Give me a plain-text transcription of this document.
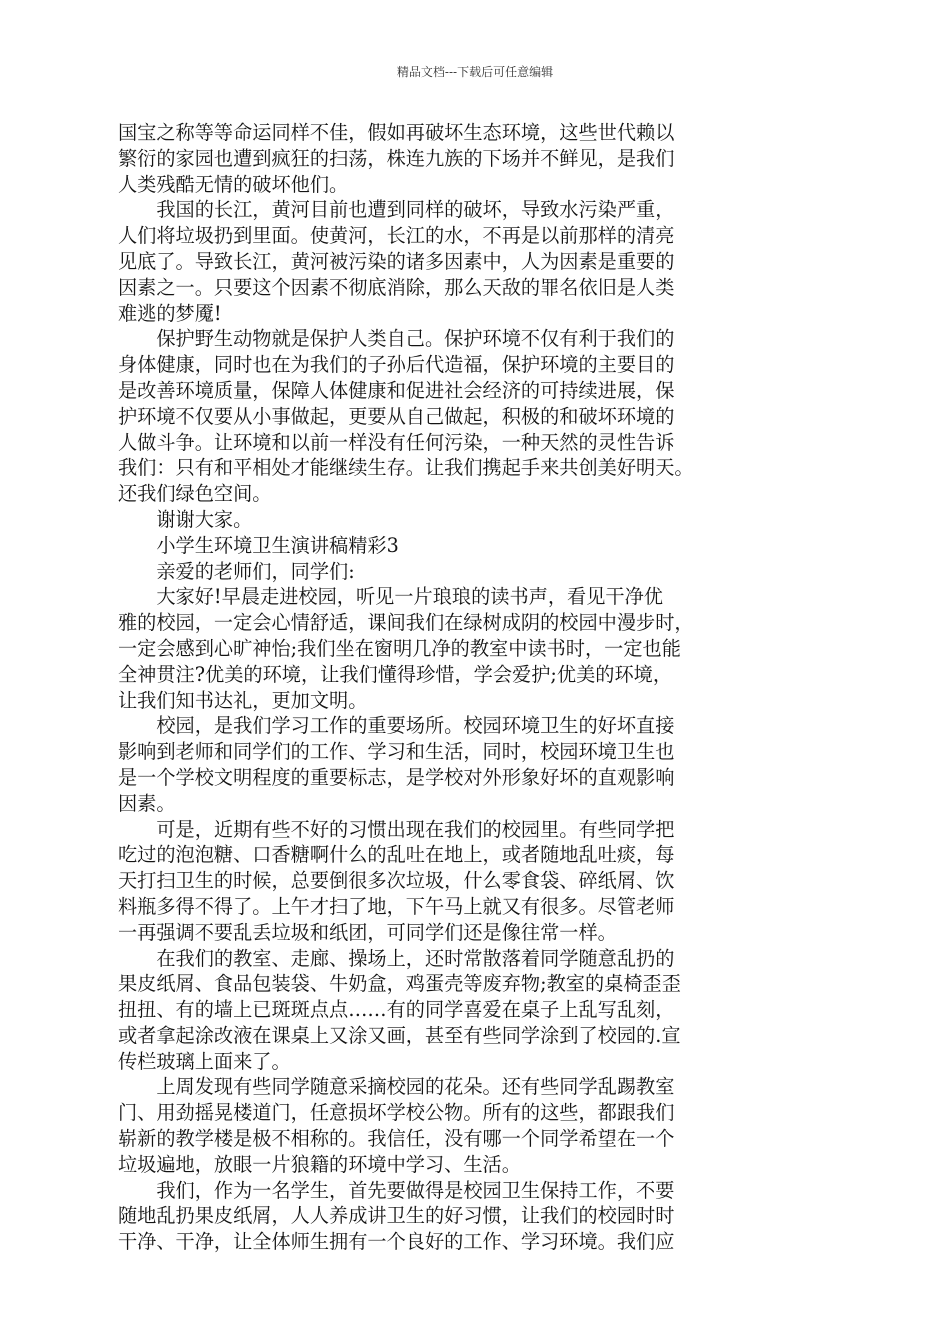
精品文档---下载后可任意编辑
国宝之称等等命运同样不佳，假如再破坏生态环境，这些世代赖以
繁衍的家园也遭到疯狂的扫荡，株连九族的下场并不鲜见，是我们
人类残酷无情的破坏他们。
　　我国的长江，黄河目前也遭到同样的破坏，导致水污染严重，
人们将垃圾扔到里面。使黄河，长江的水，不再是以前那样的清亮
见底了。导致长江，黄河被污染的诸多因素中，人为因素是重要的
因素之一。只要这个因素不彻底消除，那么天敌的罪名依旧是人类
难逃的梦魇!
　　保护野生动物就是保护人类自己。保护环境不仅有利于我们的
身体健康，同时也在为我们的子孙后代造福，保护环境的主要目的
是改善环境质量，保障人体健康和促进社会经济的可持续进展，保
护环境不仅要从小事做起，更要从自己做起，积极的和破坏环境的
人做斗争。让环境和以前一样没有任何污染，一种天然的灵性告诉
我们：只有和平相处才能继续生存。让我们携起手来共创美好明天。
还我们绿色空间。
　　谢谢大家。
　　小学生环境卫生演讲稿精彩3
　　亲爱的老师们，同学们:
　　大家好!早晨走进校园，听见一片琅琅的读书声，看见干净优
雅的校园，一定会心情舒适，课间我们在绿树成阴的校园中漫步时，
一定会感到心旷神怡;我们坐在窗明几净的教室中读书时，一定也能
全神贯注?优美的环境，让我们懂得珍惜，学会爱护;优美的环境，
让我们知书达礼，更加文明。
　　校园，是我们学习工作的重要场所。校园环境卫生的好坏直接
影响到老师和同学们的工作、学习和生活，同时，校园环境卫生也
是一个学校文明程度的重要标志，是学校对外形象好坏的直观影响
因素。
　　可是，近期有些不好的习惯出现在我们的校园里。有些同学把
吃过的泡泡糖、口香糖啊什么的乱吐在地上，或者随地乱吐痰，每
天打扫卫生的时候，总要倒很多次垃圾，什么零食袋、碎纸屑、饮
料瓶多得不得了。上午才扫了地，下午马上就又有很多。尽管老师
一再强调不要乱丢垃圾和纸团，可同学们还是像往常一样。
　　在我们的教室、走廊、操场上，还时常散落着同学随意乱扔的
果皮纸屑、食品包装袋、牛奶盒，鸡蛋壳等废弃物;教室的桌椅歪歪
扭扭、有的墙上已斑斑点点……有的同学喜爱在桌子上乱写乱刻，
或者拿起涂改液在课桌上又涂又画，甚至有些同学涂到了校园的.宣
传栏玻璃上面来了。
　　上周发现有些同学随意采摘校园的花朵。还有些同学乱踢教室
门、用劲摇晃楼道门，任意损坏学校公物。所有的这些，都跟我们
崭新的教学楼是极不相称的。我信任，没有哪一个同学希望在一个
垃圾遍地，放眼一片狼籍的环境中学习、生活。
　　我们，作为一名学生，首先要做得是校园卫生保持工作，不要
随地乱扔果皮纸屑，人人养成讲卫生的好习惯，让我们的校园时时
干净、干净，让全体师生拥有一个良好的工作、学习环境。我们应
